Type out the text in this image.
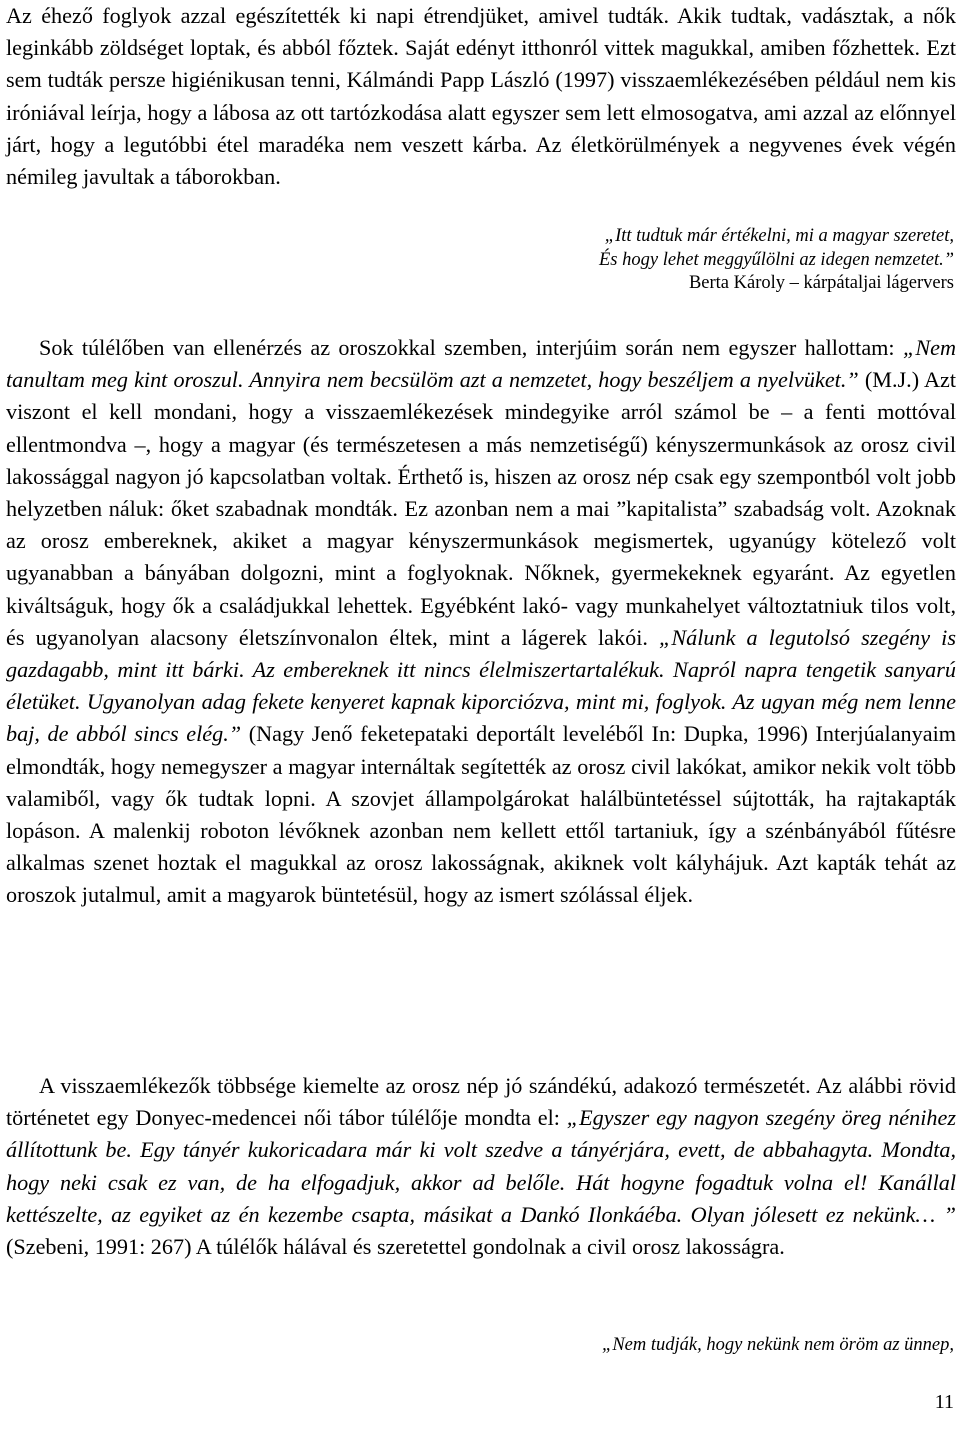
Az éhező foglyok azzal egészítették ki napi étrendjüket, amivel tudták. Akik tudtak, vadásztak, a nők leginkább zöldséget loptak, és abból főztek. Saját edényt itthonról vittek magukkal, amiben főzhettek. Ezt sem tudták persze higiénikusan tenni, Kálmándi Papp László (1997) visszaemlékezésében például nem kis iróniával leírja, hogy a lábosa az ott tartózkodása alatt egyszer sem lett elmosogatva, ami azzal az előnnyel járt, hogy a legutóbbi étel maradéka nem veszett kárba. Az életkörülmények a negyvenes évek végén némileg javultak a táborokban.

„Itt tudtuk már értékelni, mi a magyar szeretet,
És hogy lehet meggyűlölni az idegen nemzetet.”
Berta Károly – kárpátaljai lágervers

Sok túlélőben van ellenérzés az oroszokkal szemben, interjúim során nem egyszer hallottam: „Nem tanultam meg kint oroszul. Annyira nem becsülöm azt a nemzetet, hogy beszéljem a nyelvüket.” (M.J.) Azt viszont el kell mondani, hogy a visszaemlékezések mindegyike arról számol be – a fenti mottóval ellentmondva –, hogy a magyar (és természetesen a más nemzetiségű) kényszermunkások az orosz civil lakossággal nagyon jó kapcsolatban voltak. Érthető is, hiszen az orosz nép csak egy szempontból volt jobb helyzetben náluk: őket szabadnak mondták. Ez azonban nem a mai ”kapitalista” szabadság volt. Azoknak az orosz embereknek, akiket a magyar kényszermunkások megismertek, ugyanúgy kötelező volt ugyanabban a bányában dolgozni, mint a foglyoknak. Nőknek, gyermekeknek egyaránt. Az egyetlen kiváltságuk, hogy ők a családjukkal lehettek. Egyébként lakó- vagy munkahelyet változtatniuk tilos volt, és ugyanolyan alacsony életszínvonalon éltek, mint a lágerek lakói. „Nálunk a legutolsó szegény is gazdagabb, mint itt bárki. Az embereknek itt nincs élelmiszertartalékuk. Napról napra tengetik sanyarú életüket. Ugyanolyan adag fekete kenyeret kapnak kiporciózva, mint mi, foglyok. Az ugyan még nem lenne baj, de abból sincs elég.” (Nagy Jenő feketepataki deportált leveléből In: Dupka, 1996) Interjúalanyaim elmondták, hogy nemegyszer a magyar internáltak segítették az orosz civil lakókat, amikor nekik volt több valamiből, vagy ők tudtak lopni. A szovjet állampolgárokat halálbüntetéssel sújtották, ha rajtakapták lopáson. A malenkij roboton lévőknek azonban nem kellett ettől tartaniuk, így a szénbányából fűtésre alkalmas szenet hoztak el magukkal az orosz lakosságnak, akiknek volt kályhájuk. Azt kapták tehát az oroszok jutalmul, amit a magyarok büntetésül, hogy az ismert szólással éljek.

A visszaemlékezők többsége kiemelte az orosz nép jó szándékú, adakozó természetét. Az alábbi rövid történetet egy Donyec-medencei női tábor túlélője mondta el: „Egyszer egy nagyon szegény öreg nénihez állítottunk be. Egy tányér kukoricadara már ki volt szedve a tányérjára, evett, de abbahagyta. Mondta, hogy neki csak ez van, de ha elfogadjuk, akkor ad belőle. Hát hogyne fogadtuk volna el! Kanállal kettészelte, az egyiket az én kezembe csapta, másikat a Dankó Ilonkáéba. Olyan jólesett ez nekünk… ” (Szebeni, 1991: 267) A túlélők hálával és szeretettel gondolnak a civil orosz lakosságra.

„Nem tudják, hogy nekünk nem öröm az ünnep,
11
